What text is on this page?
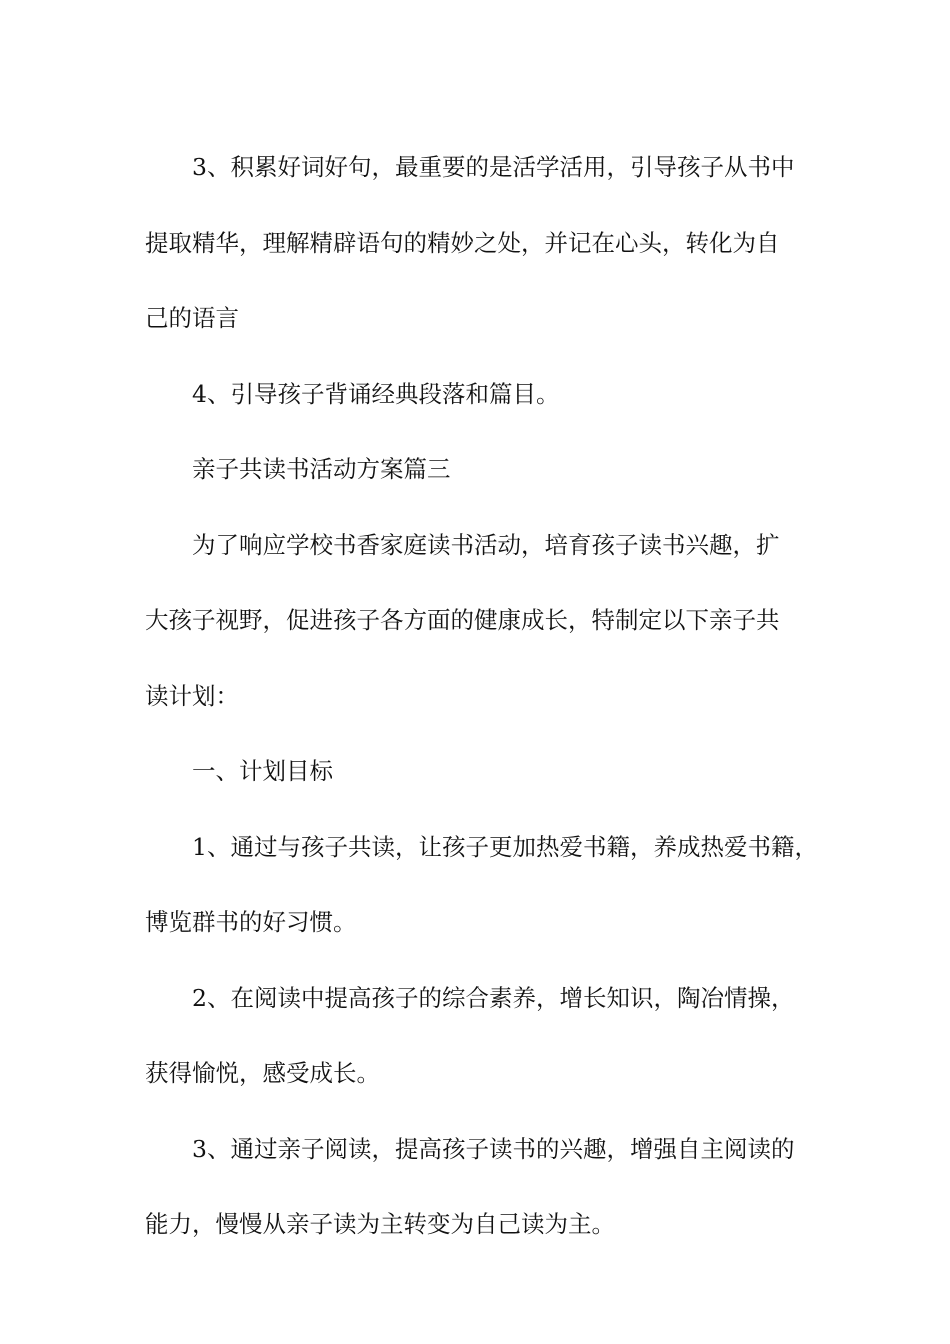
3、积累好词好句，最重要的是活学活用，引导孩子从书中
提取精华，理解精辟语句的精妙之处，并记在心头，转化为自
己的语言
4、引导孩子背诵经典段落和篇目。
亲子共读书活动方案篇三
为了响应学校书香家庭读书活动，培育孩子读书兴趣，扩
大孩子视野，促进孩子各方面的健康成长，特制定以下亲子共
读计划：
一、计划目标
1、通过与孩子共读，让孩子更加热爱书籍，养成热爱书籍，
博览群书的好习惯。
2、在阅读中提高孩子的综合素养，增长知识，陶冶情操，
获得愉悦，感受成长。
3、通过亲子阅读，提高孩子读书的兴趣，增强自主阅读的
能力，慢慢从亲子读为主转变为自己读为主。
